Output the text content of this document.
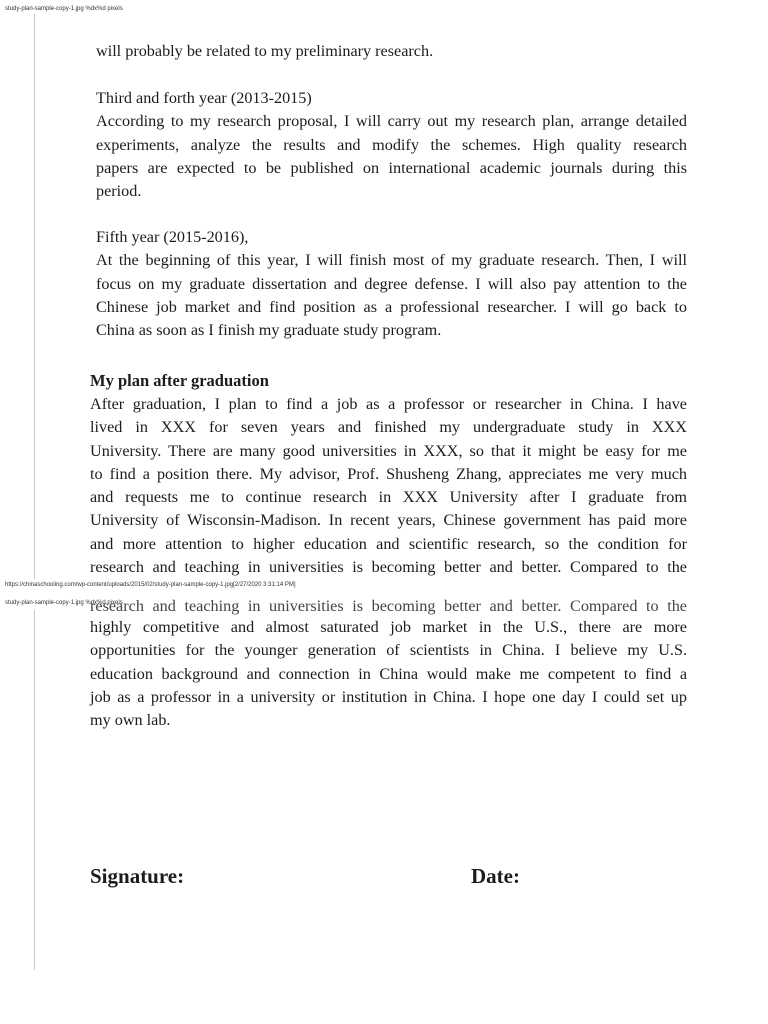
study-plan-sample-copy-1.jpg %dx%d pixels

will probably be related to my preliminary research.

Third and forth year (2013-2015)
According to my research proposal, I will carry out my research plan, arrange detailed
experiments, analyze the results and modify the schemes. High quality research
papers are expected to be published on international academic journals during this
period.

Fifth year (2015-2016),
At the beginning of this year, I will finish most of my graduate research. Then, I will
focus on my graduate dissertation and degree defense. I will also pay attention to the
Chinese job market and find position as a professional researcher. I will go back to
China as soon as I finish my graduate study program.

My plan after graduation

After graduation, I plan to find a job as a professor or researcher in China. I have
lived in XXX for seven years and finished my undergraduate study in XXX
University. There are many good universities in XXX, so that it might be easy for me
to find a position there. My advisor, Prof. Shusheng Zhang, appreciates me very much
and requests me to continue research in XXX University after I graduate from
University of Wisconsin-Madison. In recent years, Chinese government has paid more
and more attention to higher education and scientific research, so the condition for
research and teaching in universities is becoming better and better. Compared to the

https://chinaschooling.com/wp-content/uploads/2015/02/study-plan-sample-copy-1.jpg[2/27/2020 3:31:14 PM]
study-plan-sample-copy-1.jpg %dx%d pixels

research and teaching in universities is becoming better and better. Compared to the

highly competitive and almost saturated job market in the U.S., there are more
opportunities for the younger generation of scientists in China. I believe my U.S.
education background and connection in China would make me competent to find a
job as a professor in a university or institution in China. I hope one day I could set up
my own lab.

Signature:	Date:
